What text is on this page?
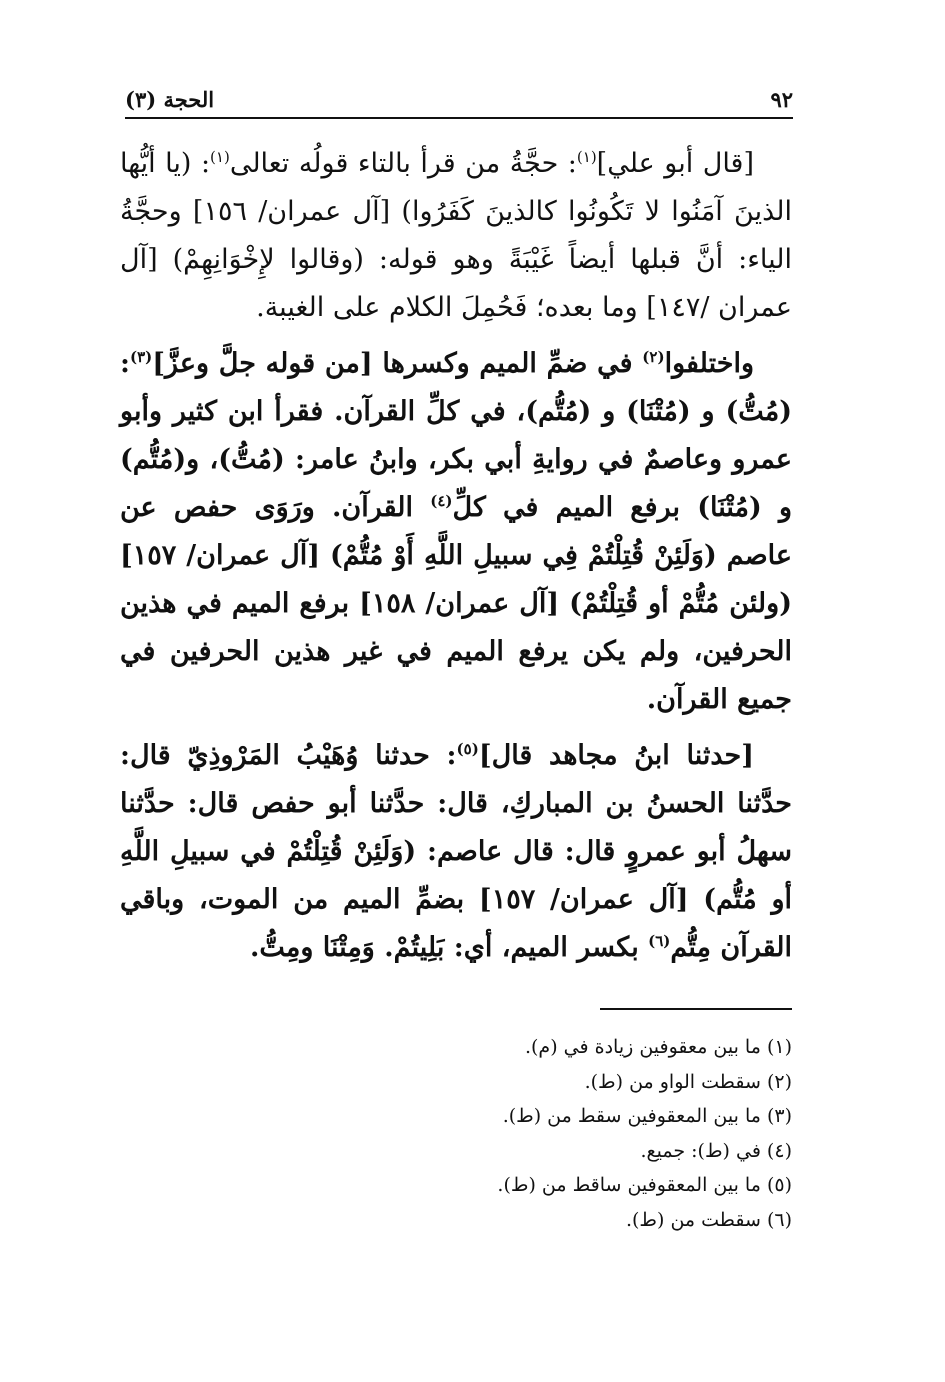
٩٢
الحجة (٣)

[قال أبو علي]$^{(١)}$: حجَّةُ من قرأ بالتاء قولُه تعالى$^{(١)}$: (يا أيُّها الذينَ آمَنُوا لا تَكُونُوا كالذينَ كَفَرُوا) [آل عمران/ ١٥٦] وحجَّةُ الياء: أنَّ قبلها أيضاً غَيْبَةً وهو قوله: (وقالوا لإِخْوَانِهِمْ) [آل عمران /١٤٧] وما بعده؛ فَحُمِلَ الكلام على الغيبة.

واختلفوا$^{(٢)}$ في ضمِّ الميم وكسرها [من قوله جلَّ وعزَّ]$^{(٣)}$: (مُتُّ) و (مُتْنَا) و (مُتُّم)، في كلِّ القرآن. فقرأ ابن كثير وأبو عمرو وعاصمٌ في روايةِ أبي بكر، وابنُ عامر: (مُتُّ)، و(مُتُّم) و (مُتْنَا) برفع الميم في كلِّ$^{(٤)}$ القرآن. ورَوَى حفص عن عاصم (وَلَئِنْ قُتِلْتُمْ فِي سبيلِ اللَّهِ أَوْ مُتُّمْ) [آل عمران/ ١٥٧] (ولئن مُتُّمْ أو قُتِلْتُمْ) [آل عمران/ ١٥٨] برفع الميم في هذين الحرفين، ولم يكن يرفع الميم في غير هذين الحرفين في جميع القرآن.

[حدثنا ابنُ مجاهد قال]$^{(٥)}$: حدثنا وُهَيْبُ المَرْوذِيّ قال: حدَّثنا الحسنُ بن المباركِ، قال: حدَّثنا أبو حفص قال: حدَّثنا سهلُ أبو عمروٍ قال: قال عاصم: (وَلَئِنْ قُتِلْتُمْ في سبيلِ اللَّهِ أو مُتُّم) [آل عمران/ ١٥٧] بضمِّ الميم من الموت، وباقي القرآن مِتُّم$^{(٦)}$ بكسر الميم، أي: بَلِيتُمْ. وَمِتْنَا ومِتُّ.

(١) ما بين معقوفين زيادة في (م).
(٢) سقطت الواو من (ط).
(٣) ما بين المعقوفين سقط من (ط).
(٤) في (ط): جميع.
(٥) ما بين المعقوفين ساقط من (ط).
(٦) سقطت من (ط).
